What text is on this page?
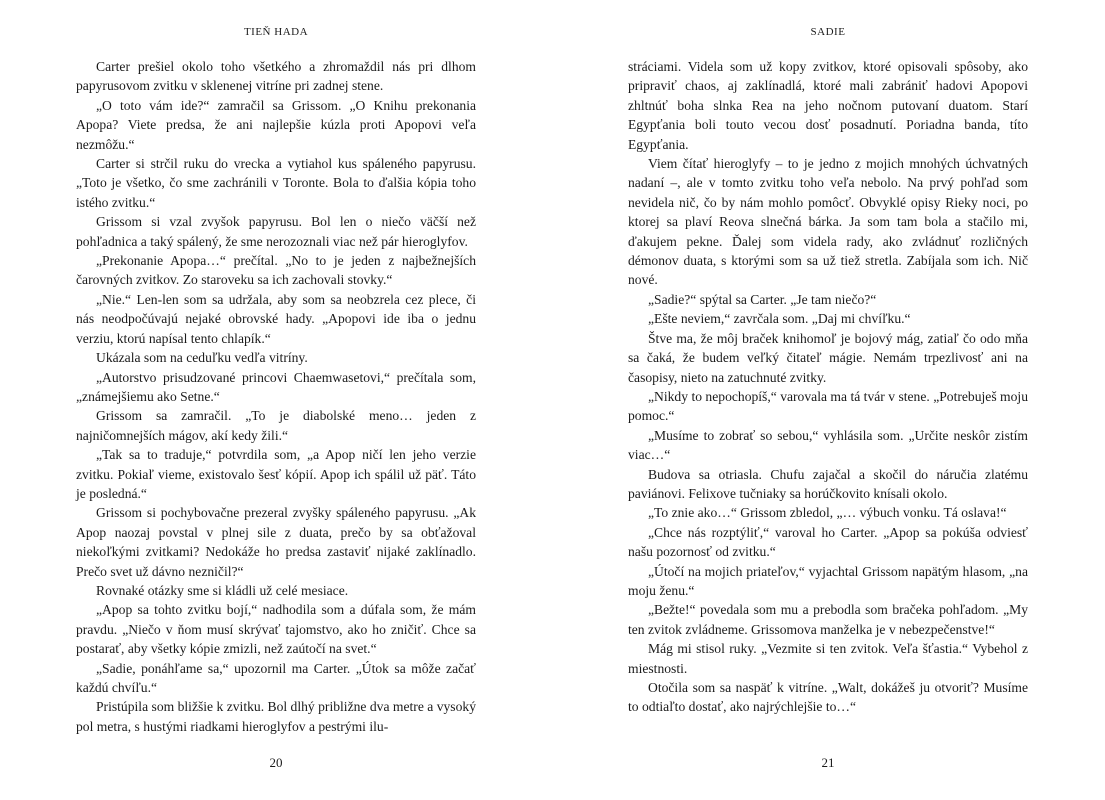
TIEŇ HADA

Carter prešiel okolo toho všetkého a zhromaždil nás pri dlhom papyrusovom zvitku v sklenenej vitríne pri zadnej stene.

„O toto vám ide?“ zamračil sa Grissom. „O Knihu prekonania Apopa? Viete predsa, že ani najlepšie kúzla proti Apopovi veľa nezmôžu.“

Carter si strčil ruku do vrecka a vytiahol kus spáleného papyrusu. „Toto je všetko, čo sme zachránili v Toronte. Bola to ďalšia kópia toho istého zvitku.“

Grissom si vzal zvyšok papyrusu. Bol len o niečo väčší než pohľadnica a taký spálený, že sme nerozoznali viac než pár hieroglyfov.

„Prekonanie Apopa…“ prečítal. „No to je jeden z najbežnejších čarovných zvitkov. Zo staroveku sa ich zachovali stovky.“

„Nie.“ Len-len som sa udržala, aby som sa neobzrela cez plece, či nás neodpočúvajú nejaké obrovské hady. „Apopovi ide iba o jednu verziu, ktorú napísal tento chlapík.“

Ukázala som na ceduľku vedľa vitríny.

„Autorstvo prisudzované princovi Chaemwasetovi,“ prečítala som, „známejšiemu ako Setne.“

Grissom sa zamračil. „To je diabolské meno… jeden z najničomnejších mágov, akí kedy žili.“

„Tak sa to traduje,“ potvrdila som, „a Apop ničí len jeho verzie zvitku. Pokiaľ vieme, existovalo šesť kópií. Apop ich spálil už päť. Táto je posledná.“

Grissom si pochybovačne prezeral zvyšky spáleného papyrusu. „Ak Apop naozaj povstal v plnej sile z duata, prečo by sa obťažoval niekoľkými zvitkami? Nedokáže ho predsa zastaviť nijaké zaklínadlo. Prečo svet už dávno nezničil?“

Rovnaké otázky sme si kládli už celé mesiace.

„Apop sa tohto zvitku bojí,“ nadhodila som a dúfala som, že mám pravdu. „Niečo v ňom musí skrývať tajomstvo, ako ho zničiť. Chce sa postarať, aby všetky kópie zmizli, než zaútočí na svet.“

„Sadie, ponáhľame sa,“ upozornil ma Carter. „Útok sa môže začať každú chvíľu.“

Pristúpila som bližšie k zvitku. Bol dlhý približne dva metre a vysoký pol metra, s hustými riadkami hieroglyfov a pestrými ilu-

20
SADIE

stráciami. Videla som už kopy zvitkov, ktoré opisovali spôsoby, ako pripraviť chaos, aj zaklínadlá, ktoré mali zabrániť hadovi Apopovi zhltnúť boha slnka Rea na jeho nočnom putovaní duatom. Starí Egypťania boli touto vecou dosť posadnutí. Poriadna banda, títo Egypťania.

Viem čítať hieroglyfy – to je jedno z mojich mnohých úchvatných nadaní –, ale v tomto zvitku toho veľa nebolo. Na prvý pohľad som nevidela nič, čo by nám mohlo pomôcť. Obvyklé opisy Rieky noci, po ktorej sa plaví Reova slnečná bárka. Ja som tam bola a stačilo mi, ďakujem pekne. Ďalej som videla rady, ako zvládnuť rozličných démonov duata, s ktorými som sa už tiež stretla. Zabíjala som ich. Nič nové.

„Sadie?“ spýtal sa Carter. „Je tam niečo?“

„Ešte neviem,“ zavrčala som. „Daj mi chvíľku.“

Štve ma, že môj braček knihomoľ je bojový mág, zatiaľ čo odo mňa sa čaká, že budem veľký čitateľ mágie. Nemám trpezlivosť ani na časopisy, nieto na zatuchnuté zvitky.

„Nikdy to nepochopíš,“ varovala ma tá tvár v stene. „Potrebuješ moju pomoc.“

„Musíme to zobrať so sebou,“ vyhlásila som. „Určite neskôr zistím viac…“

Budova sa otriasla. Chufu zajačal a skočil do náručia zlatému paviánovi. Felixove tučniaky sa horúčkovito knísali okolo.

„To znie ako…“ Grissom zbledol, „… výbuch vonku. Tá oslava!“

„Chce nás rozptýliť,“ varoval ho Carter. „Apop sa pokúša odviesť našu pozornosť od zvitku.“

„Útočí na mojich priateľov,“ vyjachtal Grissom napätým hlasom, „na moju ženu.“

„Bežte!“ povedala som mu a prebodla som bračeka pohľadom. „My ten zvitok zvládneme. Grissomova manželka je v nebezpečenstve!“

Mág mi stisol ruky. „Vezmite si ten zvitok. Veľa šťastia.“ Vybehol z miestnosti.

Otočila som sa naspäť k vitríne. „Walt, dokážeš ju otvoriť? Musíme to odtiaľto dostať, ako najrýchlejšie to…“

21
